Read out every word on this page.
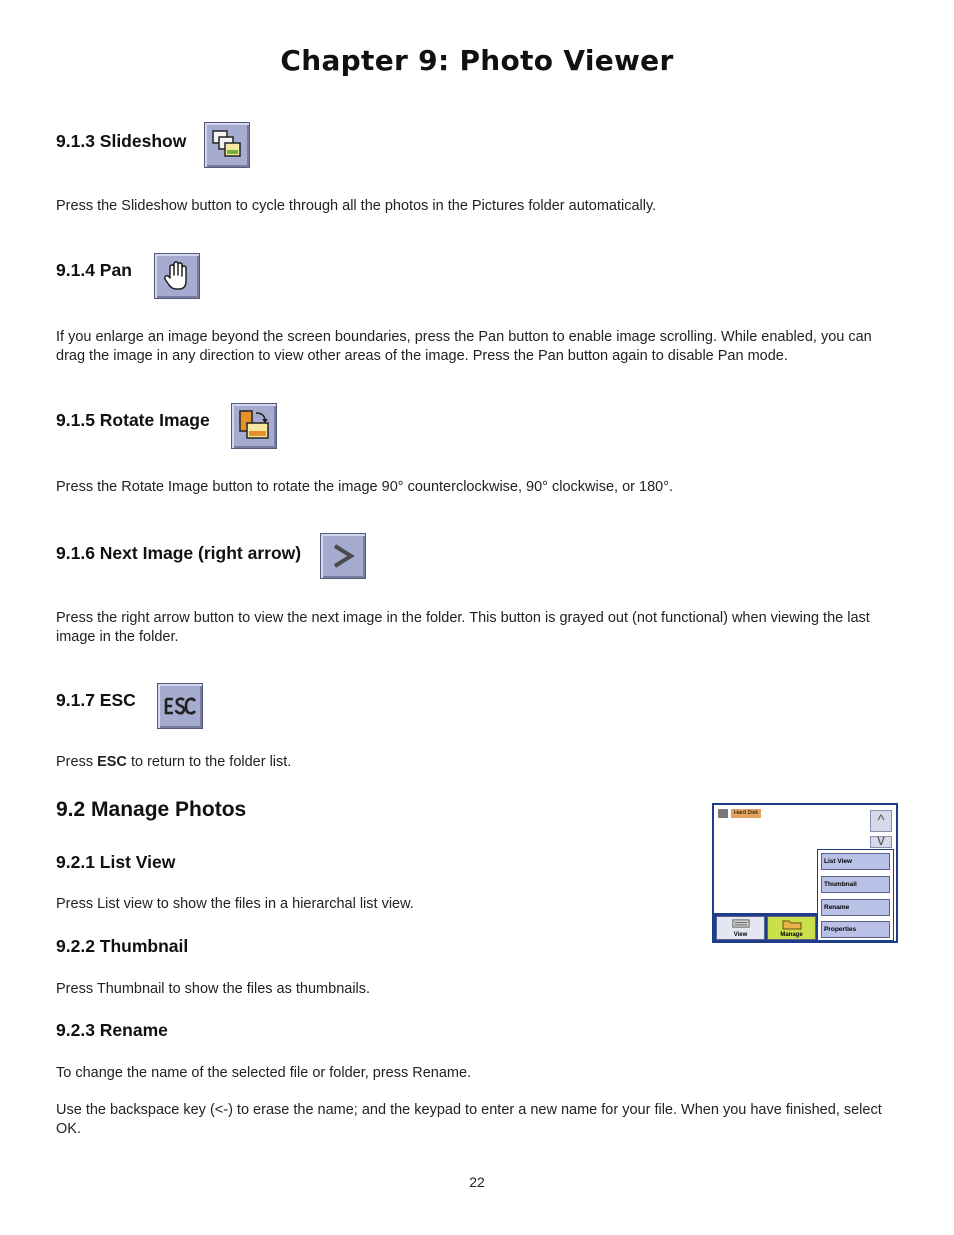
Chapter 9: Photo Viewer
9.1.3 Slideshow
Press the Slideshow button to cycle through all the photos in the Pictures folder automatically.
9.1.4 Pan
If you enlarge an image beyond the screen boundaries, press the Pan button to enable image scrolling. While enabled, you can drag the image in any direction to view other areas of the image. Press the Pan button again to disable Pan mode.
9.1.5 Rotate Image
Press the Rotate Image button to rotate the image 90° counterclockwise, 90° clockwise, or 180°.
9.1.6 Next Image (right arrow)
Press the right arrow button to view the next image in the folder. This button is grayed out (not functional) when viewing the last image in the folder.
9.1.7 ESC
Press ESC to return to the folder list.
9.2 Manage Photos
9.2.1 List View
Press List view to show the files in a hierarchal list view.
9.2.2 Thumbnail
Press Thumbnail to show the files as thumbnails.
9.2.3 Rename
To change the name of the selected file or folder, press Rename.
Use the backspace key (<-) to erase the name; and the keypad to enter a new name for your file. When you have finished, select OK.
Hard Disk	^
v
List View
Thumbnail
Rename
Properties
View	Manage
22
